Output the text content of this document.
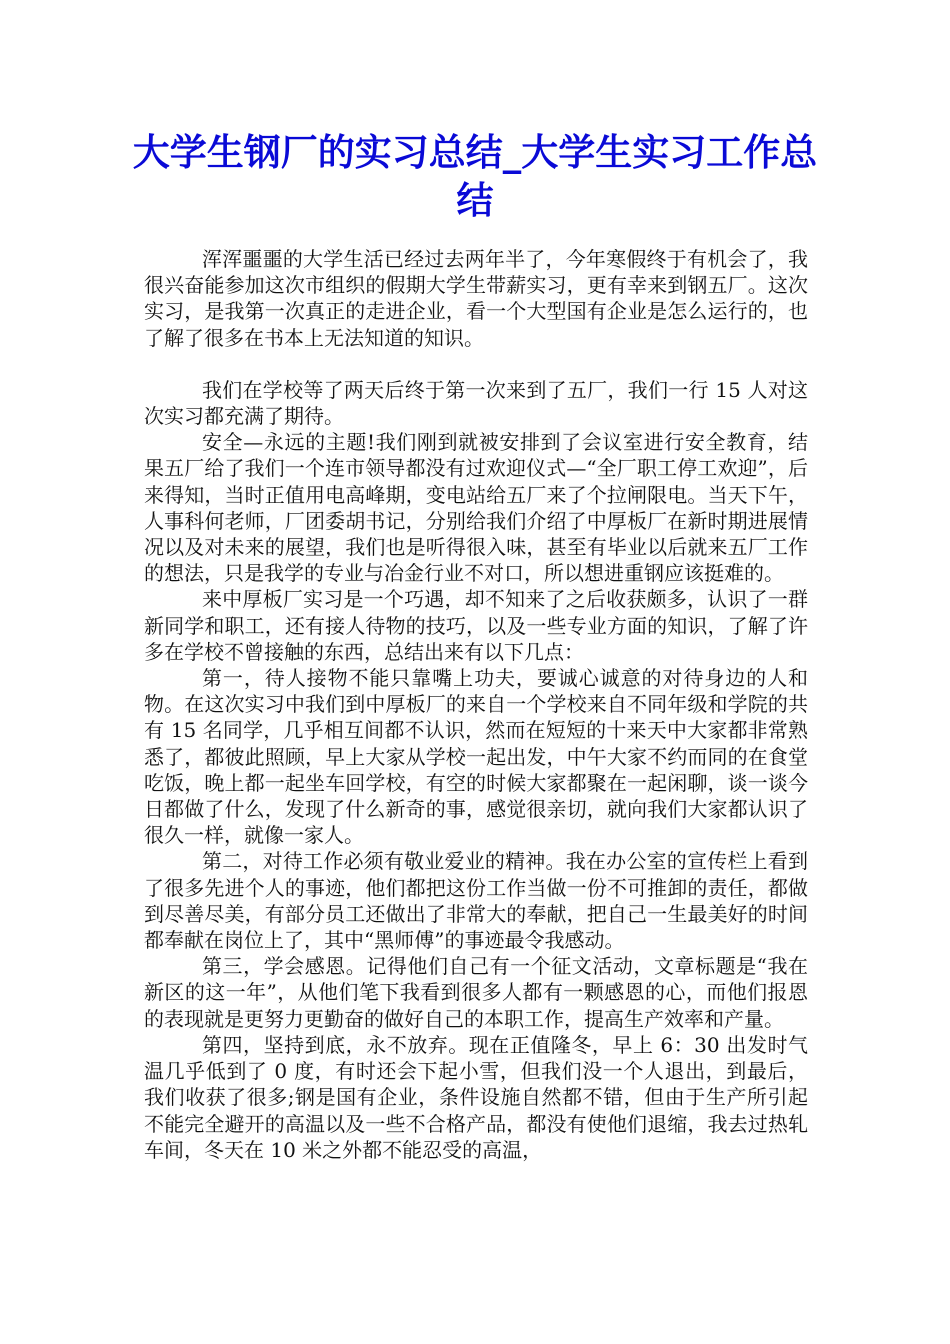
大学生钢厂的实习总结_大学生实习工作总结

浑浑噩噩的大学生活已经过去两年半了，今年寒假终于有机会了，我很兴奋能参加这次市组织的假期大学生带薪实习，更有幸来到钢五厂。这次实习，是我第一次真正的走进企业，看一个大型国有企业是怎么运行的，也了解了很多在书本上无法知道的知识。

我们在学校等了两天后终于第一次来到了五厂，我们一行 15 人对这次实习都充满了期待。

安全—永远的主题!我们刚到就被安排到了会议室进行安全教育，结果五厂给了我们一个连市领导都没有过欢迎仪式—“全厂职工停工欢迎”，后来得知，当时正值用电高峰期，变电站给五厂来了个拉闸限电。当天下午，人事科何老师，厂团委胡书记，分别给我们介绍了中厚板厂在新时期进展情况以及对未来的展望，我们也是听得很入味，甚至有毕业以后就来五厂工作的想法，只是我学的专业与冶金行业不对口，所以想进重钢应该挺难的。

来中厚板厂实习是一个巧遇，却不知来了之后收获颇多，认识了一群新同学和职工，还有接人待物的技巧，以及一些专业方面的知识，了解了许多在学校不曾接触的东西，总结出来有以下几点：

第一，待人接物不能只靠嘴上功夫，要诚心诚意的对待身边的人和物。在这次实习中我们到中厚板厂的来自一个学校来自不同年级和学院的共有 15 名同学，几乎相互间都不认识，然而在短短的十来天中大家都非常熟悉了，都彼此照顾，早上大家从学校一起出发，中午大家不约而同的在食堂吃饭，晚上都一起坐车回学校，有空的时候大家都聚在一起闲聊，谈一谈今日都做了什么，发现了什么新奇的事，感觉很亲切，就向我们大家都认识了很久一样，就像一家人。

第二，对待工作必须有敬业爱业的精神。我在办公室的宣传栏上看到了很多先进个人的事迹，他们都把这份工作当做一份不可推卸的责任，都做到尽善尽美，有部分员工还做出了非常大的奉献，把自己一生最美好的时间都奉献在岗位上了，其中“黑师傅”的事迹最令我感动。

第三，学会感恩。记得他们自己有一个征文活动，文章标题是“我在新区的这一年”，从他们笔下我看到很多人都有一颗感恩的心，而他们报恩的表现就是更努力更勤奋的做好自己的本职工作，提高生产效率和产量。

第四，坚持到底，永不放弃。现在正值隆冬，早上 6：30 出发时气温几乎低到了 0 度，有时还会下起小雪，但我们没一个人退出，到最后，我们收获了很多;钢是国有企业，条件设施自然都不错，但由于生产所引起不能完全避开的高温以及一些不合格产品，都没有使他们退缩，我去过热轧车间，冬天在 10 米之外都不能忍受的高温，
